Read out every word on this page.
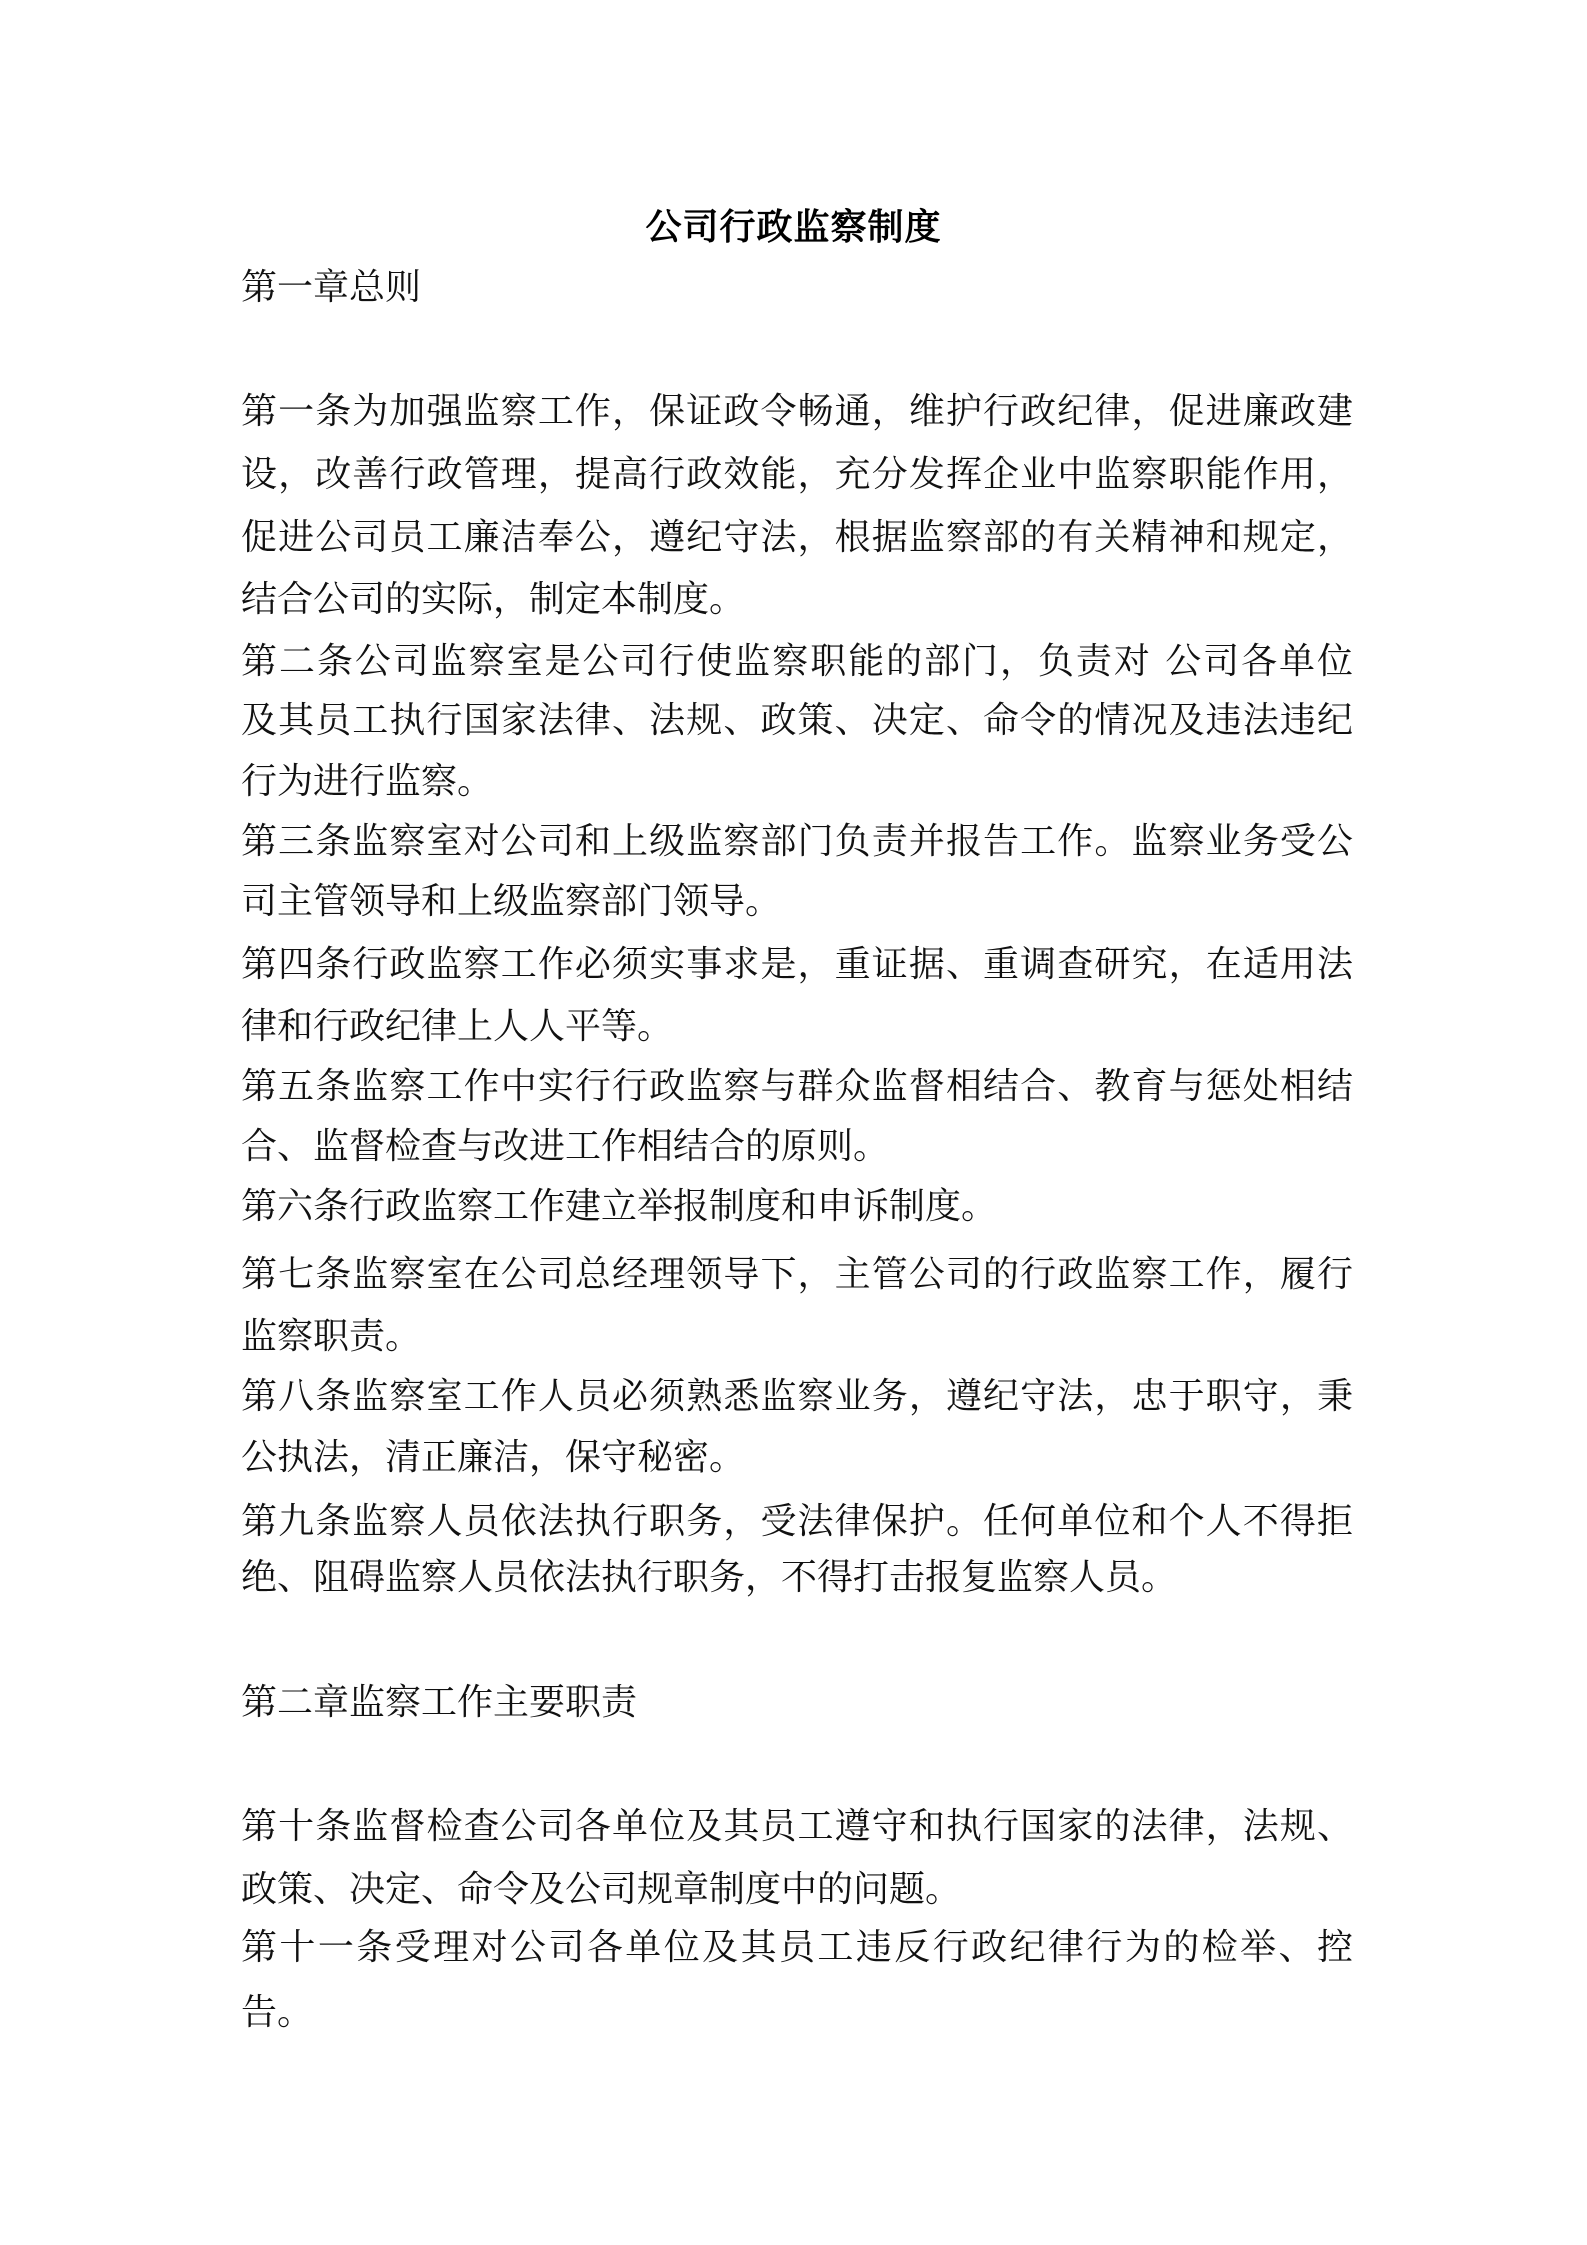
公司行政监察制度
第一章总则
第一条为加强监察工作，保证政令畅通，维护行政纪律，促进廉政建
设，改善行政管理，提高行政效能，充分发挥企业中监察职能作用，
促进公司员工廉洁奉公，遵纪守法，根据监察部的有关精神和规定，
结合公司的实际，制定本制度。
第二条公司监察室是公司行使监察职能的部门，负责对 公司各单位
及其员工执行国家法律、法规、政策、决定、命令的情况及违法违纪
行为进行监察。
第三条监察室对公司和上级监察部门负责并报告工作。监察业务受公
司主管领导和上级监察部门领导。
第四条行政监察工作必须实事求是，重证据、重调查研究，在适用法
律和行政纪律上人人平等。
第五条监察工作中实行行政监察与群众监督相结合、教育与惩处相结
合、监督检查与改进工作相结合的原则。
第六条行政监察工作建立举报制度和申诉制度。
第七条监察室在公司总经理领导下，主管公司的行政监察工作，履行
监察职责。
第八条监察室工作人员必须熟悉监察业务，遵纪守法，忠于职守，秉
公执法，清正廉洁，保守秘密。
第九条监察人员依法执行职务，受法律保护。任何单位和个人不得拒
绝、阻碍监察人员依法执行职务，不得打击报复监察人员。
第二章监察工作主要职责
第十条监督检查公司各单位及其员工遵守和执行国家的法律，法规、
政策、决定、命令及公司规章制度中的问题。
第十一条受理对公司各单位及其员工违反行政纪律行为的检举、控
告。
